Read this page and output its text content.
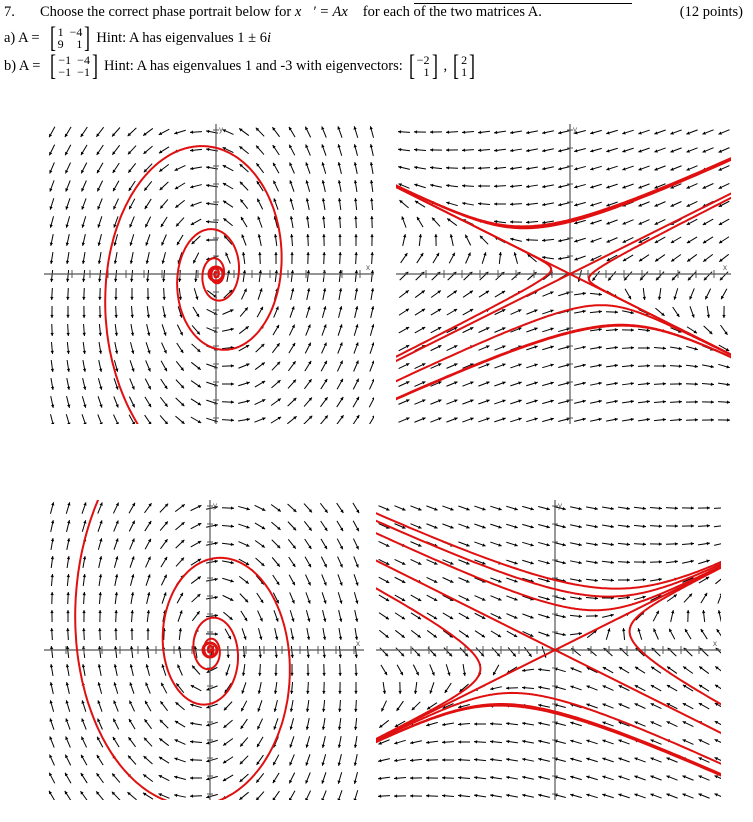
7. Choose the correct phase portrait below for x⃗′ = Ax⃗ for each of the two matrices A.	(12 points)
a) A = [ 1 −4
9	1 ] Hint: A has eigenvalues 1 ± 6 i
b) A = [ −1 −4
−1 −1 ] Hint: A has eigenvalues 1 and -3 with eigenvectors: [ −2
1 ] , [ 2
1 ]
x
y
x
y
x
y
x
y
